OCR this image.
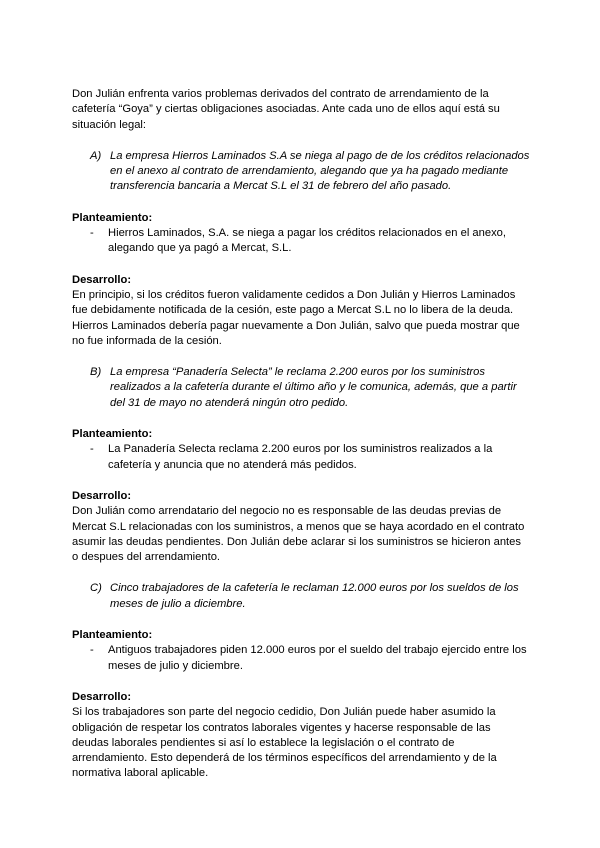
Don Julián enfrenta varios problemas derivados del contrato de arrendamiento de la cafetería “Goya” y ciertas obligaciones asociadas. Ante cada uno de ellos aquí está su situación legal:

A) La empresa Hierros Laminados S.A se niega al pago de de los créditos relacionados en el anexo al contrato de arrendamiento, alegando que ya ha pagado mediante transferencia bancaria a Mercat S.L el 31 de febrero del año pasado.

Planteamiento:

-	Hierros Laminados, S.A. se niega a pagar los créditos relacionados en el anexo, alegando que ya pagó a Mercat, S.L.

Desarrollo:

En principio, si los créditos fueron validamente cedidos a Don Julián y Hierros Laminados fue debidamente notificada de la cesión, este pago a Mercat S.L no lo libera de la deuda. Hierros Laminados debería pagar nuevamente a Don Julián, salvo que pueda mostrar que no fue informada de la cesión.

B) La empresa “Panadería Selecta” le reclama 2.200 euros por los suministros realizados a la cafetería durante el último año y le comunica, además, que a partir del 31 de mayo no atenderá ningún otro pedido.

Planteamiento:

-	La Panadería Selecta reclama 2.200 euros por los suministros realizados a la cafetería y anuncia que no atenderá más pedidos.

Desarrollo:

Don Julián como arrendatario del negocio no es responsable de las deudas previas de Mercat S.L relacionadas con los suministros, a menos que se haya acordado en el contrato asumir las deudas pendientes. Don Julián debe aclarar si los suministros se hicieron antes o despues del arrendamiento.

C) Cinco trabajadores de la cafetería le reclaman 12.000 euros por los sueldos de los meses de julio a diciembre.

Planteamiento:

-	Antiguos trabajadores piden 12.000 euros por el sueldo del trabajo ejercido entre los meses de julio y diciembre.

Desarrollo:

Si los trabajadores son parte del negocio cedidio, Don Julián puede haber asumido la obligación de respetar los contratos laborales vigentes y hacerse responsable de las deudas laborales pendientes si así lo establece la legislación o el contrato de arrendamiento. Esto dependerá de los términos específicos del arrendamiento y de la normativa laboral aplicable.
